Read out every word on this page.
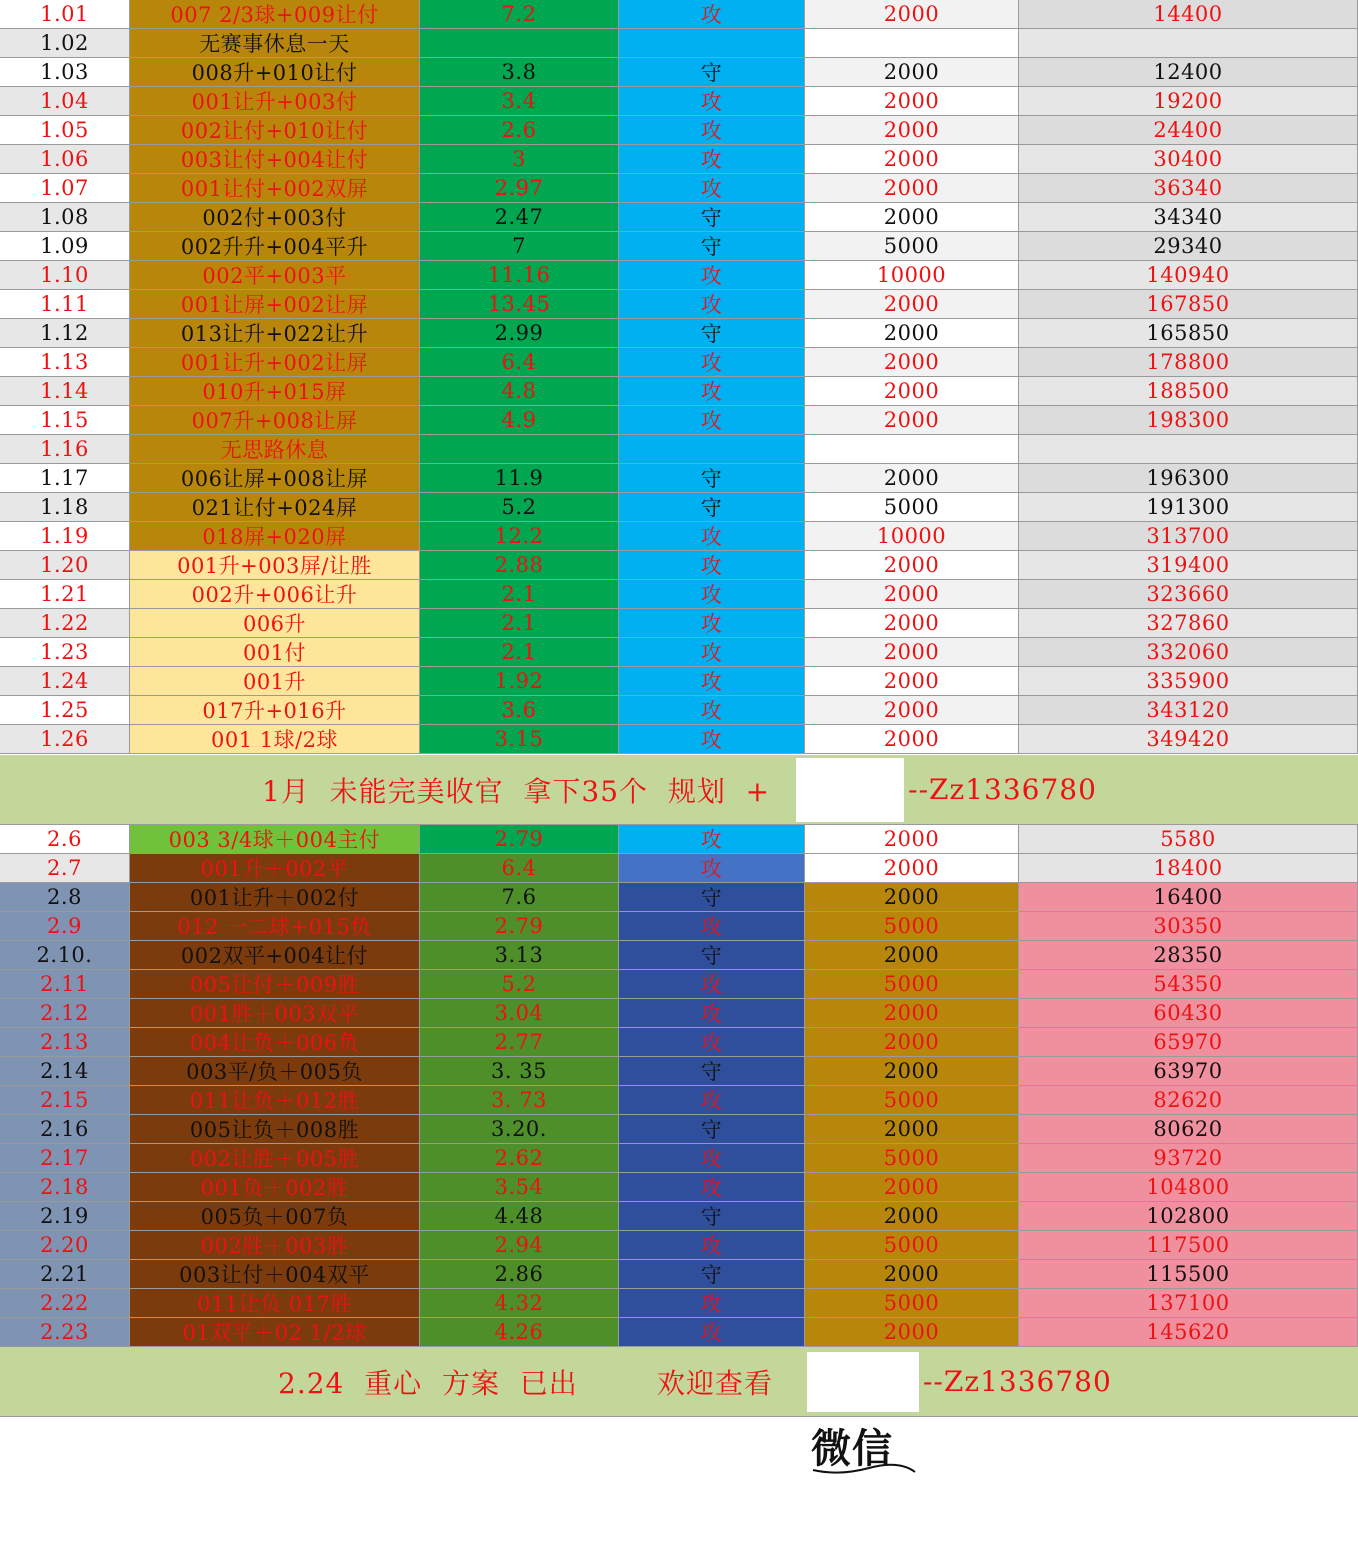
1.01	007 2/3球+009让付	7.2	攻	2000	14400
1.02	无赛事休息一天
1.03	008升+010让付	3.8	守	2000	12400
1.04	001让升+003付	3.4	攻	2000	19200
1.05	002让付+010让付	2.6	攻	2000	24400
1.06	003让付+004让付	3	攻	2000	30400
1.07	001让付+002双屏	2.97	攻	2000	36340
1.08	002付+003付	2.47	守	2000	34340
1.09	002升升+004平升	7	守	5000	29340
1.10	002平+003平	11.16	攻	10000	140940
1.11	001让屏+002让屏	13.45	攻	2000	167850
1.12	013让升+022让升	2.99	守	2000	165850
1.13	001让升+002让屏	6.4	攻	2000	178800
1.14	010升+015屏	4.8	攻	2000	188500
1.15	007升+008让屏	4.9	攻	2000	198300
1.16	无思路休息
1.17	006让屏+008让屏	11.9	守	2000	196300
1.18	021让付+024屏	5.2	守	5000	191300
1.19	018屏+020屏	12.2	攻	10000	313700
1.20	001升+003屏/让胜	2.88	攻	2000	319400
1.21	002升+006让升	2.1	攻	2000	323660
1.22	006升	2.1	攻	2000	327860
1.23	001付	2.1	攻	2000	332060
1.24	001升	1.92	攻	2000	335900
1.25	017升+016升	3.6	攻	2000	343120
1.26	001 1球/2球	3.15	攻	2000	349420
1月  未能完美收官  拿下35个  规划  +

	--Zz1336780
2.6	003 3/4球＋004主付	2.79	攻	2000	5580
2.7	001升＋002平	6.4	攻	2000	18400
2.8	001让升＋002付	7.6	守	2000	16400
2.9	012 一二球+015负	2.79	攻	5000	30350
2.10.	002双平+004让付	3.13	守	2000	28350
2.11	005让付＋009胜	5.2	攻	5000	54350
2.12	001胜＋003双平	3.04	攻	2000	60430
2.13	004让负＋006负	2.77	攻	2000	65970
2.14	003平/负＋005负	3. 35	守	2000	63970
2.15	011让负＋012胜	3. 73	攻	5000	82620
2.16	005让负＋008胜	3.20.	守	2000	80620
2.17	002让胜＋005胜	2.62	攻	5000	93720
2.18	001负＋002胜	3.54	攻	2000	104800
2.19	005负＋007负	4.48	守	2000	102800
2.20	002胜＋003胜	2.94	攻	5000	117500
2.21	003让付＋004双平	2.86	守	2000	115500
2.22	011让负 017胜	4.32	攻	5000	137100
2.23	01双平＋02 1/2球	4.26	攻	2000	145620
2.24  重心  方案  已出        欢迎查看

微信

--Zz1336780
